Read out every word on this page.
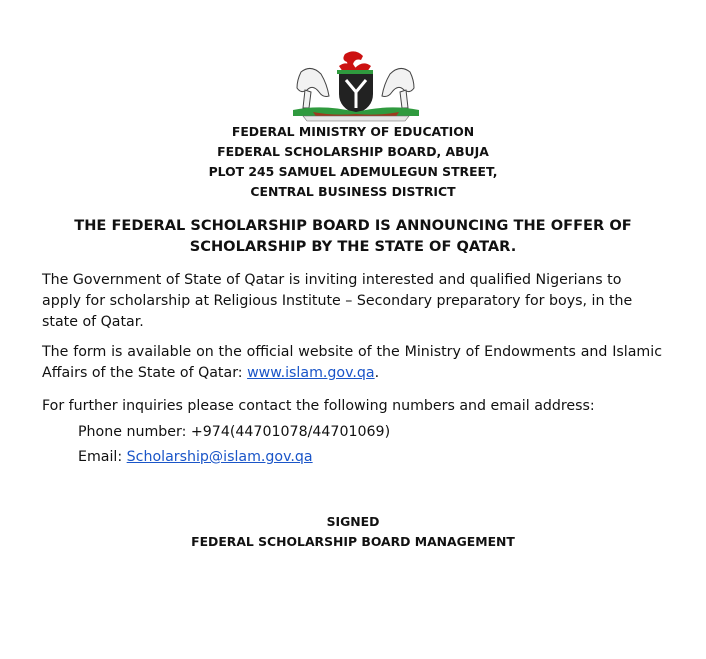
FEDERAL MINISTRY OF EDUCATION
FEDERAL SCHOLARSHIP BOARD, ABUJA
PLOT 245 SAMUEL ADEMULEGUN STREET,
CENTRAL BUSINESS DISTRICT
THE FEDERAL SCHOLARSHIP BOARD IS ANNOUNCING THE OFFER OF
SCHOLARSHIP BY THE STATE OF QATAR.
The Government of State of Qatar is inviting interested and qualified Nigerians to apply for scholarship at Religious Institute – Secondary preparatory for boys, in the state of Qatar.
The form is available on the official website of the Ministry of Endowments and Islamic Affairs of the State of Qatar: www.islam.gov.qa.
For further inquiries please contact the following numbers and email address:
Phone number: +974(44701078/44701069)
Email: Scholarship@islam.gov.qa
SIGNED
FEDERAL SCHOLARSHIP BOARD MANAGEMENT
